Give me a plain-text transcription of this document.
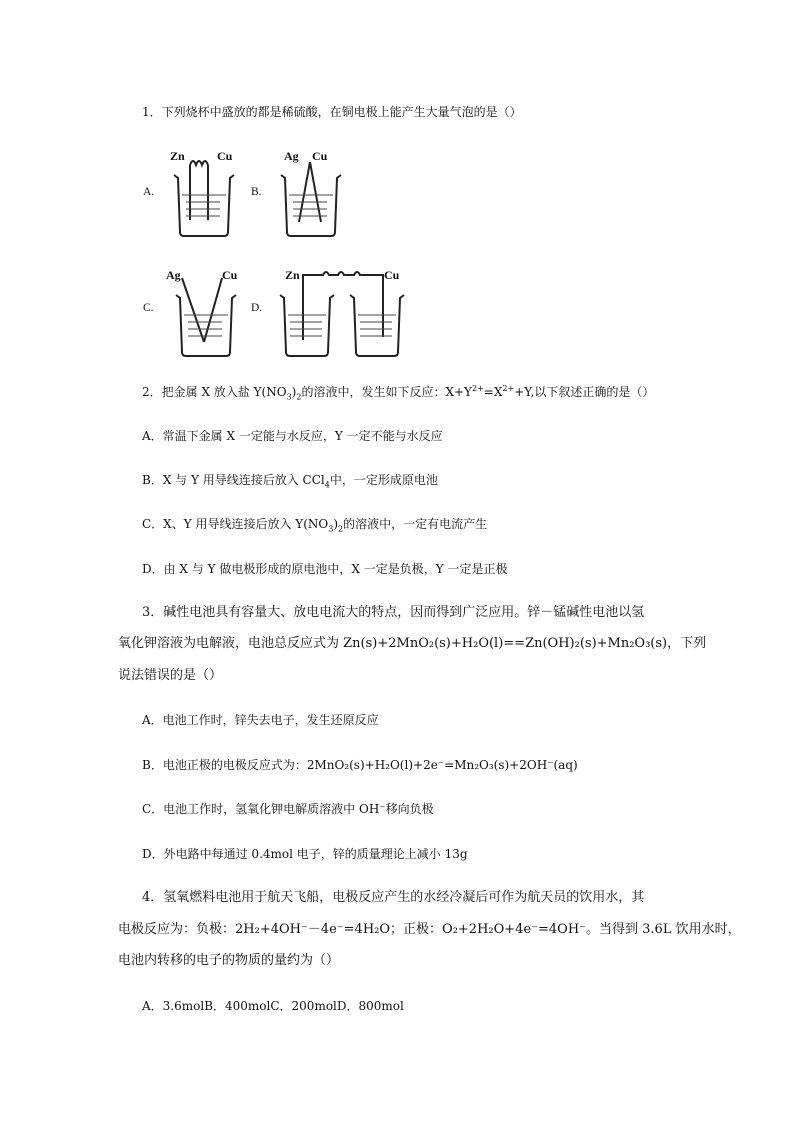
1．下列烧杯中盛放的都是稀硫酸，在铜电极上能产生大量气泡的是（）

A.
Zn	Cu
B.
Ag Cu
C.
Ag	Cu
D.
Zn	Cu

2．把金属 X 放入盐 $Y(NO_3)_2$的溶液中，发生如下反应：$X+Y^{2+}=X^{2+}+Y$,以下叙述正确的是（）

A．常温下金属 X 一定能与水反应，Y 一定不能与水反应

B．X 与 Y 用导线连接后放入 CCl$_4$中，一定形成原电池

C．X、Y 用导线连接后放入 $Y(NO_3)_2$的溶液中，一定有电流产生

D．由 X 与 Y 做电极形成的原电池中，X 一定是负极，Y 一定是正极

3．碱性电池具有容量大、放电电流大的特点，因而得到广泛应用。锌－锰碱性电池以氢

氧化钾溶液为电解液，电池总反应式为 Zn(s)+2MnO₂(s)+H₂O(l)==Zn(OH)₂(s)+Mn₂O₃(s)，下列

说法错误的是（）

A．电池工作时，锌失去电子，发生还原反应

B．电池正极的电极反应式为：2MnO₂(s)+H₂O(l)+2e⁻=Mn₂O₃(s)+2OH⁻(aq)

C．电池工作时，氢氧化钾电解质溶液中 OH⁻移向负极

D．外电路中每通过 0.4mol 电子，锌的质量理论上减小 13g

4．氢氧燃料电池用于航天飞船，电极反应产生的水经冷凝后可作为航天员的饮用水，其

电极反应为：负极：2H₂+4OH⁻－4e⁻=4H₂O；正极：O₂+2H₂O+4e⁻=4OH⁻。当得到 3.6L 饮用水时，

电池内转移的电子的物质的量约为（）

A．3.6molB．400molC．200molD．800mol
